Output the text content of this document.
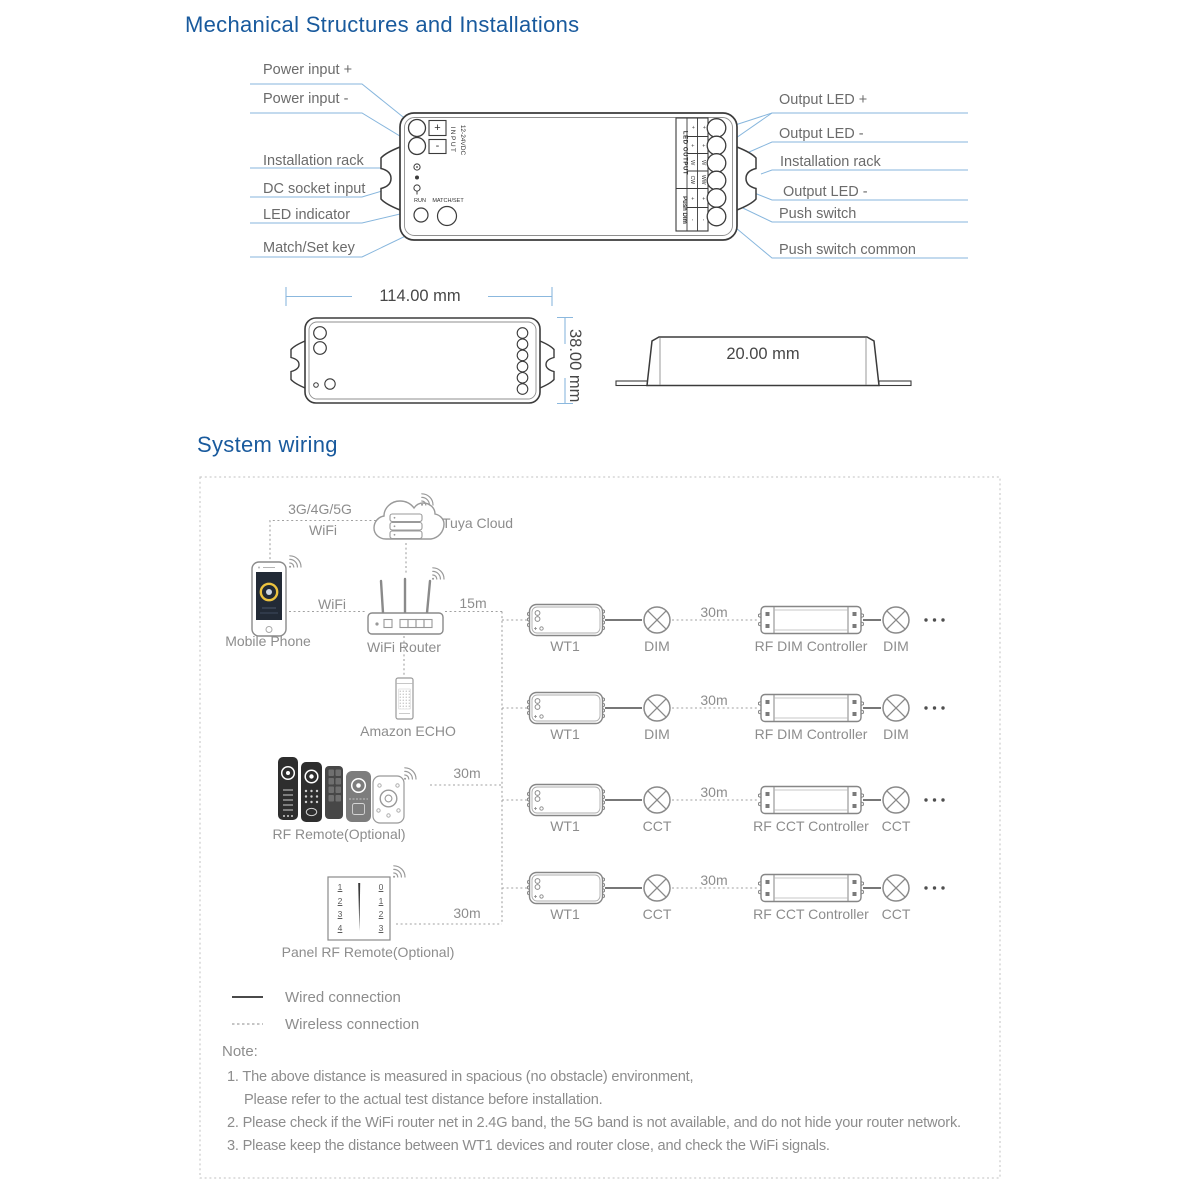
Mechanical Structures and Installations
Power input +
Power input -
Installation rack
DC socket input
LED indicator
Match/Set key
Output LED +
Output LED -
Installation rack
Output LED -
Push switch
Push switch common
+
-	12-24VDC
INPUT
RUN	MATCH/SET
LED OUTPUT
Push Dim
+ +
+ +
W W
CW WW
+ +
- -
114.00 mm
38.00 mm	20.00 mm
System wiring
3G/4G/5G
WiFi	Tuya Cloud
WiFi	15m
Mobile Phone	WiFi Router
Amazon ECHO
RF Remote(Optional)
30m
Panel RF Remote(Optional)
30m
1
2
3
4
0
1
2
3
30m
WT1	DIM	RF DIM Controller	DIM
30m
WT1	DIM	RF DIM Controller	DIM
30m
WT1	CCT	RF CCT Controller CCT
30m
WT1	CCT	RF CCT Controller CCT
Wired connection
Wireless connection
Note:
1. The above distance is measured in spacious (no obstacle) environment,
Please refer to the actual test distance before installation.
2. Please check if the WiFi router net in 2.4G band, the 5G band is not available, and do not hide your router network.
3. Please keep the distance between WT1 devices and router close, and check the WiFi signals.
